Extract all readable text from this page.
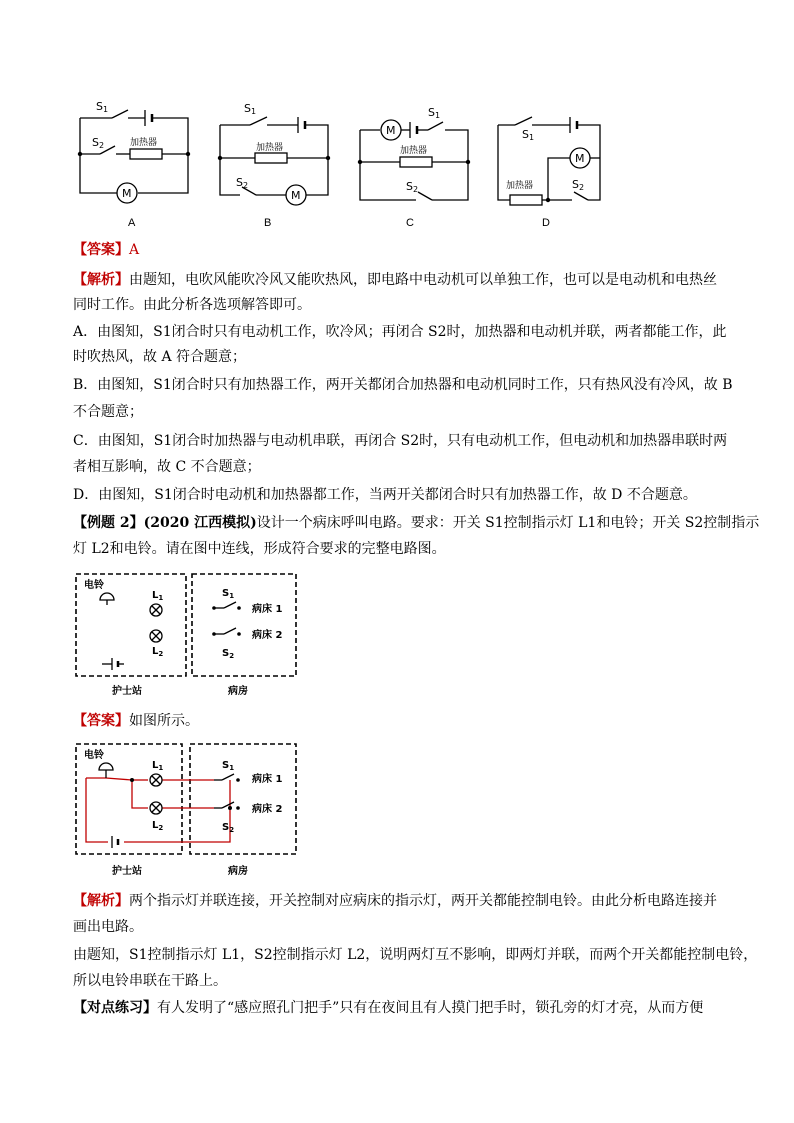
S1
S2	加热器
M
S1
加热器
S2
M
M
S1
加热器
S2
S1
M
加热器	S2
A	B	C	D
【答案】A
【解析】由题知，电吹风能吹冷风又能吹热风，即电路中电动机可以单独工作，也可以是电动机和电热丝
同时工作。由此分析各选项解答即可。
A．由图知，S1闭合时只有电动机工作，吹冷风；再闭合 S2时，加热器和电动机并联，两者都能工作，此
时吹热风，故 A 符合题意；
B．由图知，S1闭合时只有加热器工作，两开关都闭合加热器和电动机同时工作，只有热风没有冷风，故 B
不合题意；
C．由图知，S1闭合时加热器与电动机串联，再闭合 S2时，只有电动机工作，但电动机和加热器串联时两
者相互影响，故 C 不合题意；
D．由图知，S1闭合时电动机和加热器都工作，当两开关都闭合时只有加热器工作，故 D 不合题意。
【例题 2】(2020 江西模拟)设计一个病床呼叫电路。要求：开关 S1控制指示灯 L1和电铃；开关 S2控制指示
灯 L2和电铃。请在图中连线，形成符合要求的完整电路图。
电铃
$L_1$
$L_2$
$S_1$
病床 1
病床 2
$S_2$
护士站	病房
【答案】如图所示。
电铃
$L_1$
$L_2$
$S_1$
病床 1
病床 2
$S_2$
护士站	病房
【解析】两个指示灯并联连接，开关控制对应病床的指示灯，两开关都能控制电铃。由此分析电路连接并
画出电路。
由题知，S1控制指示灯 L1，S2控制指示灯 L2，说明两灯互不影响，即两灯并联，而两个开关都能控制电铃，
所以电铃串联在干路上。
【对点练习】有人发明了“感应照孔门把手”只有在夜间且有人摸门把手时，锁孔旁的灯才亮，从而方便
